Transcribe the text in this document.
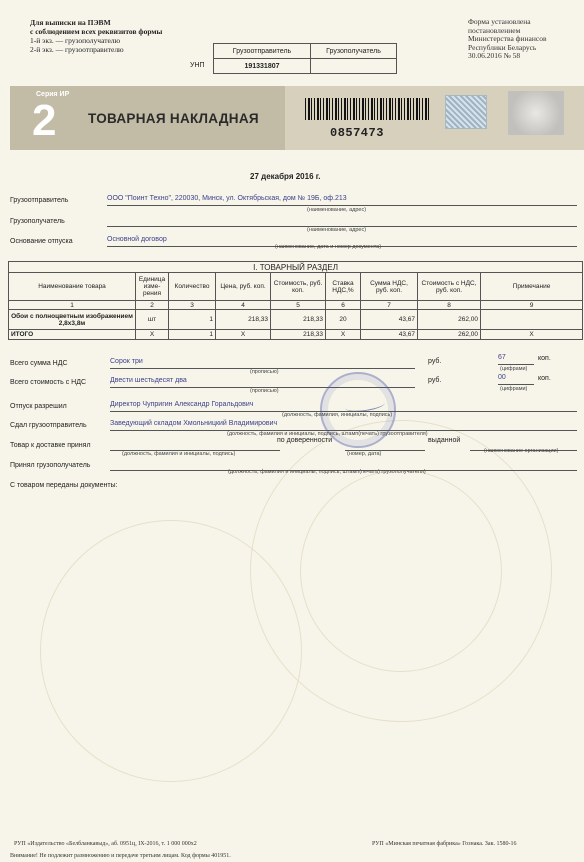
Для выписки на ПЭВМ
с соблюдением всех реквизитов формы
1-й экз. — грузополучателю
2-й экз. — грузоотправителю
Форма установлена
постановлением
Министерства финансов
Республики Беларусь
30.06.2016 № 58
УНП
Грузоотправитель	Грузополучатель
191331807	
Серия ИР
2 ТОВАРНАЯ НАКЛАДНАЯ
0857473
27 декабря 2016 г.
Грузоотправитель	ООО "Поинт Техно", 220030, Минск, ул. Октябрьская, дом № 19Б, оф.213
(наименование, адрес)
Грузополучатель
(наименование, адрес)
Основание отпуска	Основной договор
(наименование, дата и номер документа)
I. ТОВАРНЫЙ РАЗДЕЛ								
Наименование товара	Единица изме-рения	Количество	Цена, руб. коп.	Стоимость, руб. коп.	Ставка НДС,%	Сумма НДС, руб. коп.	Стоимость с НДС, руб. коп.	Примечание
1	2	3	4	5	6	7	8	9
Обои с полноцветным изображением 2,8х3,8м	шт	1	218,33	218,33	20	43,67	262,00	
ИТОГО	Х	1	Х	218,33	Х	43,67	262,00	Х
Всего сумма НДС	Сорок три	руб.
67	коп.
(прописью)	(цифрами)
Всего стоимость с НДС	Двести шестьдесят два	руб.	00	коп.
(прописью)	(цифрами)
Отпуск разрешил	Директор Чупригин Александр Горальдович
(должность, фамилия, инициалы, подпись)
Сдал грузоотправитель	Заведующий складом Хмольницкий Владимирович
(должность, фамилия и инициалы, подпись, штамп(печать) грузоотправителя)
Товар к доставке принял
по доверенности	выданной
(должность, фамилия и инициалы, подпись)	(номер, дата)	(наименование организации)
Принял грузополучатель
(должность, фамилия и инициалы, подпись, штамп(печать) грузополучателя)
С товаром переданы документы:
РУП «Издательство «Белбланкавыд», аб. 0951ц, IX-2016, т. 1 000 000х2	РУП «Минская печатная фабрика» Гознака. Зак. 1580-16
Внимание! Не подлежит размножению и передаче третьим лицам. Код формы 401951.
